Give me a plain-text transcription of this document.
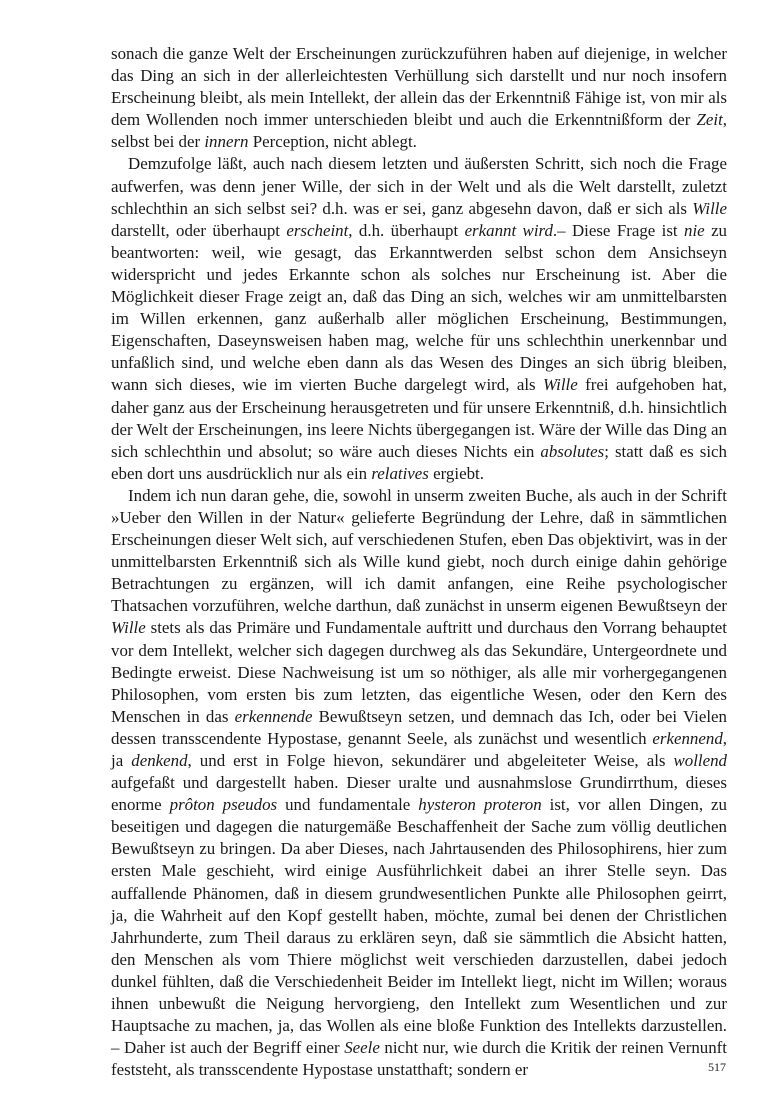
sonach die ganze Welt der Erscheinungen zurückzuführen haben auf diejenige, in welcher das Ding an sich in der allerleichtesten Verhüllung sich darstellt und nur noch insofern Erscheinung bleibt, als mein Intellekt, der allein das der Erkenntniß Fähige ist, von mir als dem Wollenden noch immer unterschieden bleibt und auch die Erkenntnißform der Zeit, selbst bei der innern Perception, nicht ablegt.

Demzufolge läßt, auch nach diesem letzten und äußersten Schritt, sich noch die Frage aufwerfen, was denn jener Wille, der sich in der Welt und als die Welt darstellt, zuletzt schlechthin an sich selbst sei? d.h. was er sei, ganz abgesehn davon, daß er sich als Wille darstellt, oder überhaupt erscheint, d.h. überhaupt erkannt wird.– Diese Frage ist nie zu beantworten: weil, wie gesagt, das Erkanntwerden selbst schon dem Ansichseyn widerspricht und jedes Erkannte schon als solches nur Erscheinung ist. Aber die Möglichkeit dieser Frage zeigt an, daß das Ding an sich, welches wir am unmittelbarsten im Willen erkennen, ganz außerhalb aller möglichen Erscheinung, Bestimmungen, Eigenschaften, Daseynsweisen haben mag, welche für uns schlechthin unerkennbar und unfaßlich sind, und welche eben dann als das Wesen des Dinges an sich übrig bleiben, wann sich dieses, wie im vierten Buche dargelegt wird, als Wille frei aufgehoben hat, daher ganz aus der Erscheinung herausgetreten und für unsere Erkenntniß, d.h. hinsichtlich der Welt der Erscheinungen, ins leere Nichts übergegangen ist. Wäre der Wille das Ding an sich schlechthin und absolut; so wäre auch dieses Nichts ein absolutes; statt daß es sich eben dort uns ausdrücklich nur als ein relatives ergiebt.

Indem ich nun daran gehe, die, sowohl in unserm zweiten Buche, als auch in der Schrift »Ueber den Willen in der Natur« gelieferte Begründung der Lehre, daß in sämmtlichen Erscheinungen dieser Welt sich, auf verschiedenen Stufen, eben Das objektivirt, was in der unmittelbarsten Erkenntniß sich als Wille kund giebt, noch durch einige dahin gehörige Betrachtungen zu ergänzen, will ich damit anfangen, eine Reihe psychologischer Thatsachen vorzuführen, welche darthun, daß zunächst in unserm eigenen Bewußtseyn der Wille stets als das Primäre und Fundamentale auftritt und durchaus den Vorrang behauptet vor dem Intellekt, welcher sich dagegen durchweg als das Sekundäre, Untergeordnete und Bedingte erweist. Diese Nachweisung ist um so nöthiger, als alle mir vorhergegangenen Philosophen, vom ersten bis zum letzten, das eigentliche Wesen, oder den Kern des Menschen in das erkennende Bewußtseyn setzen, und demnach das Ich, oder bei Vielen dessen transscendente Hypostase, genannt Seele, als zunächst und wesentlich erkennend, ja denkend, und erst in Folge hievon, sekundärer und abgeleiteter Weise, als wollend aufgefaßt und dargestellt haben. Dieser uralte und ausnahmslose Grundirrthum, dieses enorme prôton pseudos und fundamentale hysteron proteron ist, vor allen Dingen, zu beseitigen und dagegen die naturgemäße Beschaffenheit der Sache zum völlig deutlichen Bewußtseyn zu bringen. Da aber Dieses, nach Jahrtausenden des Philosophirens, hier zum ersten Male geschieht, wird einige Ausführlichkeit dabei an ihrer Stelle seyn. Das auffallende Phänomen, daß in diesem grundwesentlichen Punkte alle Philosophen geirrt, ja, die Wahrheit auf den Kopf gestellt haben, möchte, zumal bei denen der Christlichen Jahrhunderte, zum Theil daraus zu erklären seyn, daß sie sämmtlich die Absicht hatten, den Menschen als vom Thiere möglichst weit verschieden darzustellen, dabei jedoch dunkel fühlten, daß die Verschiedenheit Beider im Intellekt liegt, nicht im Willen; woraus ihnen unbewußt die Neigung hervorgieng, den Intellekt zum Wesentlichen und zur Hauptsache zu machen, ja, das Wollen als eine bloße Funktion des Intellekts darzustellen. – Daher ist auch der Begriff einer Seele nicht nur, wie durch die Kritik der reinen Vernunft feststeht, als transscendente Hypostase unstatthaft; sondern er	517
